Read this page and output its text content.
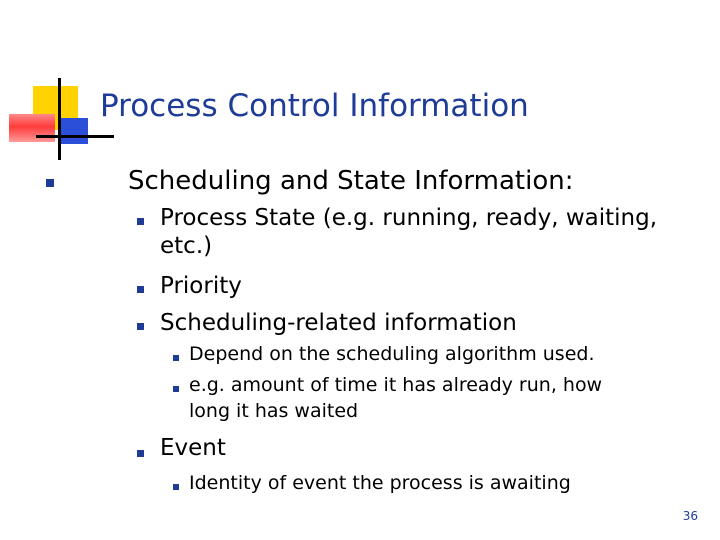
Process Control Information
Scheduling and State Information:
Process State (e.g. running, ready, waiting,
etc.)
Priority
Scheduling-related information
Depend on the scheduling algorithm used.
e.g. amount of time it has already run, how
long it has waited
Event
Identity of event the process is awaiting
36
